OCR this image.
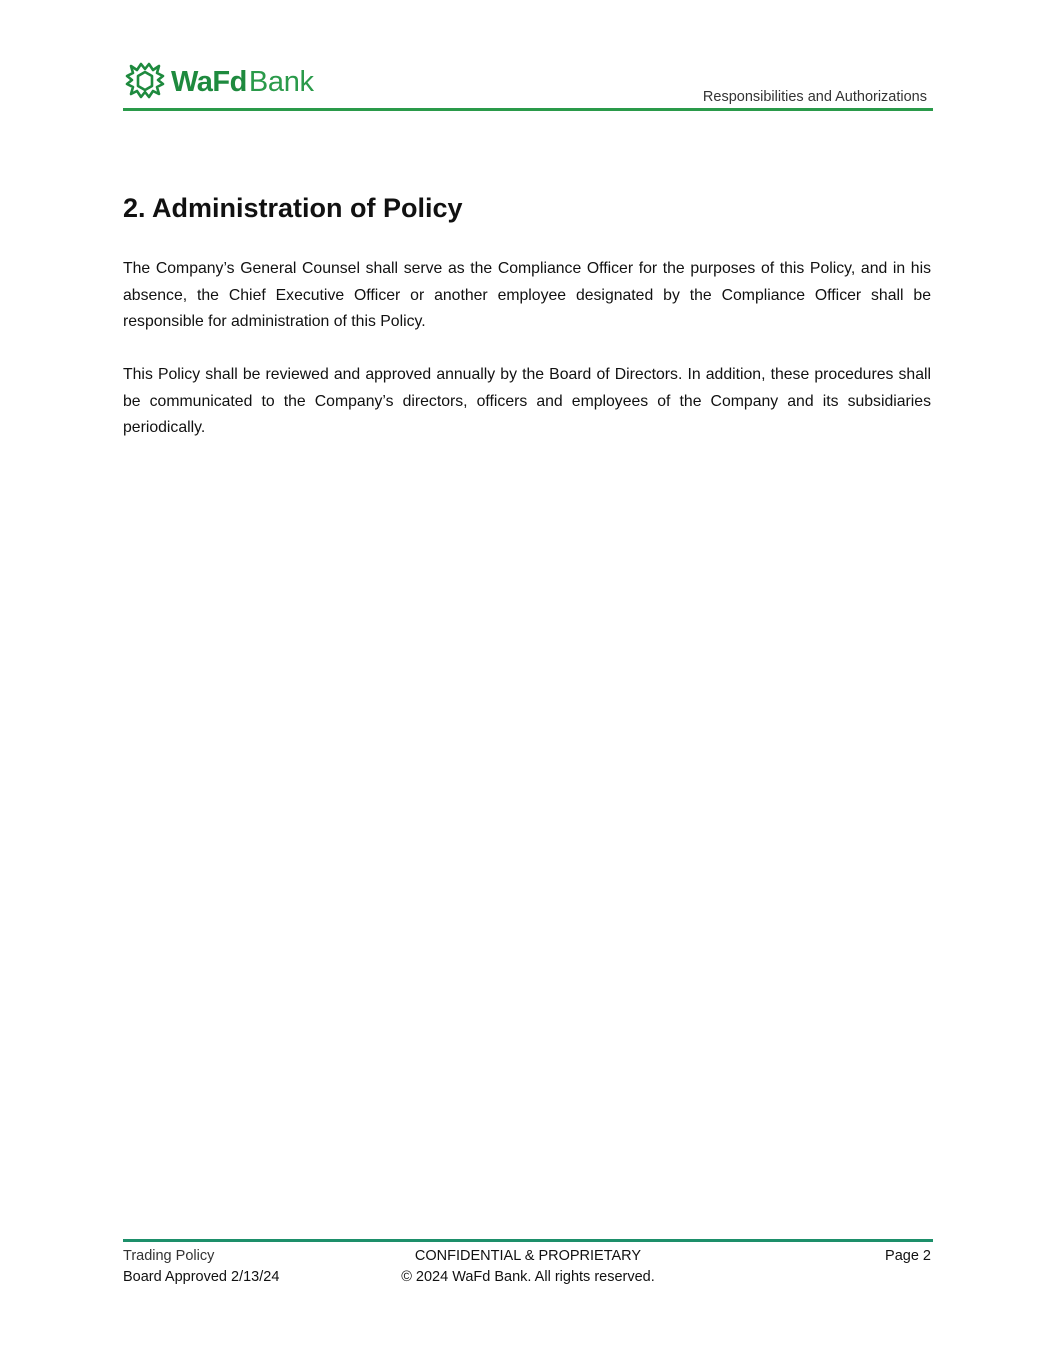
WaFd Bank	Responsibilities and Authorizations
2. Administration of Policy

The Company’s General Counsel shall serve as the Compliance Officer for the purposes of this Policy, and in his absence, the Chief Executive Officer or another employee designated by the Compliance Officer shall be responsible for administration of this Policy.

This Policy shall be reviewed and approved annually by the Board of Directors. In addition, these procedures shall be communicated to the Company’s directors, officers and employees of the Company and its subsidiaries periodically.

Trading Policy
Board Approved 2/13/24
CONFIDENTIAL & PROPRIETARY
© 2024 WaFd Bank. All rights reserved.
Page 2
